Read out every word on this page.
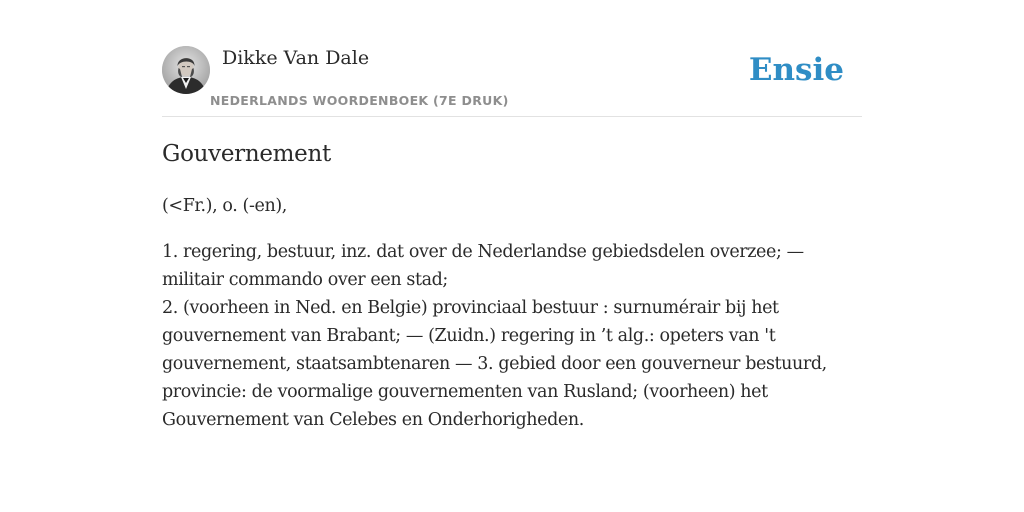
Dikke Van Dale
NEDERLANDS WOORDENBOEK (7E DRUK)
Ensie
Gouvernement

(<Fr.), o. (-en),

1. regering, bestuur, inz. dat over de Nederlandse gebiedsdelen overzee; —
militair commando over een stad;
2. (voorheen in Ned. en Belgie) provinciaal bestuur : surnumérair bij het
gouvernement van Brabant; — (Zuidn.) regering in ’t alg.: opeters van 't
gouvernement, staatsambtenaren — 3. gebied door een gouverneur bestuurd,
provincie: de voormalige gouvernementen van Rusland; (voorheen) het
Gouvernement van Celebes en Onderhorigheden.
